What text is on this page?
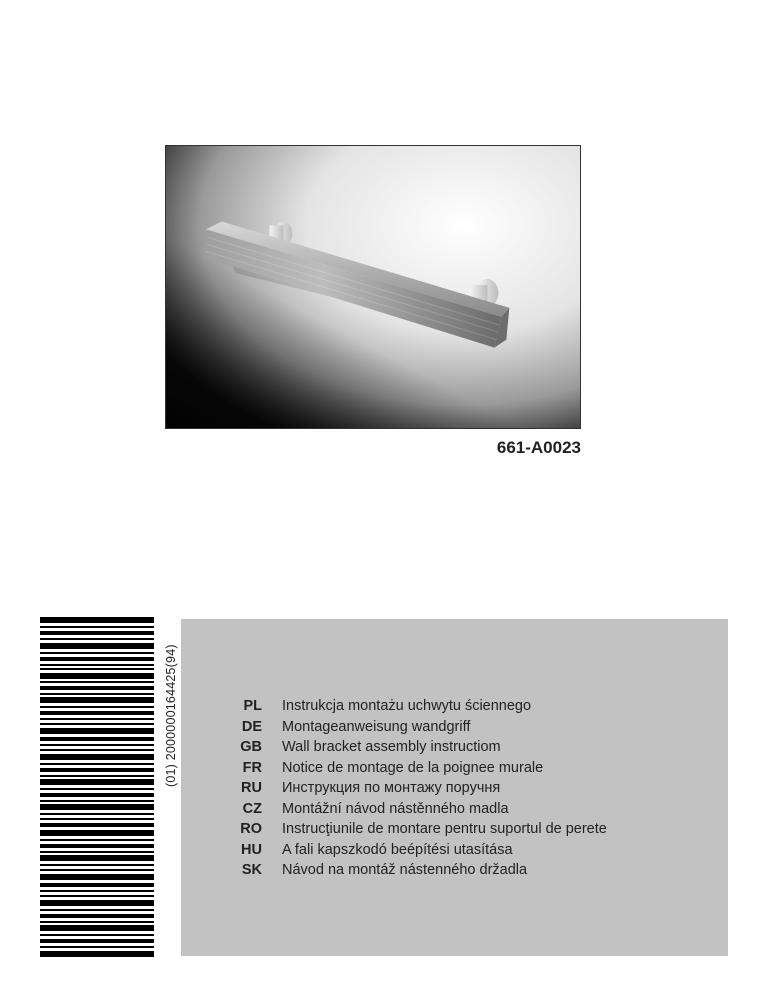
661-A0023
(01) 2000000164425(94)	PL Instrukcja montażu uchwytu ściennego
DE Montageanweisung wandgriff
GB Wall bracket assembly instructiom
FR Notice de montage de la poignee murale
RU Инструкция по монтажу поручня
CZ Montážní návod nástěnného madla
RO Instrucţiunile de montare pentru suportul de perete
HU A fali kapszkodó beépítési utasítása
SK Návod na montáž nástenného držadla
